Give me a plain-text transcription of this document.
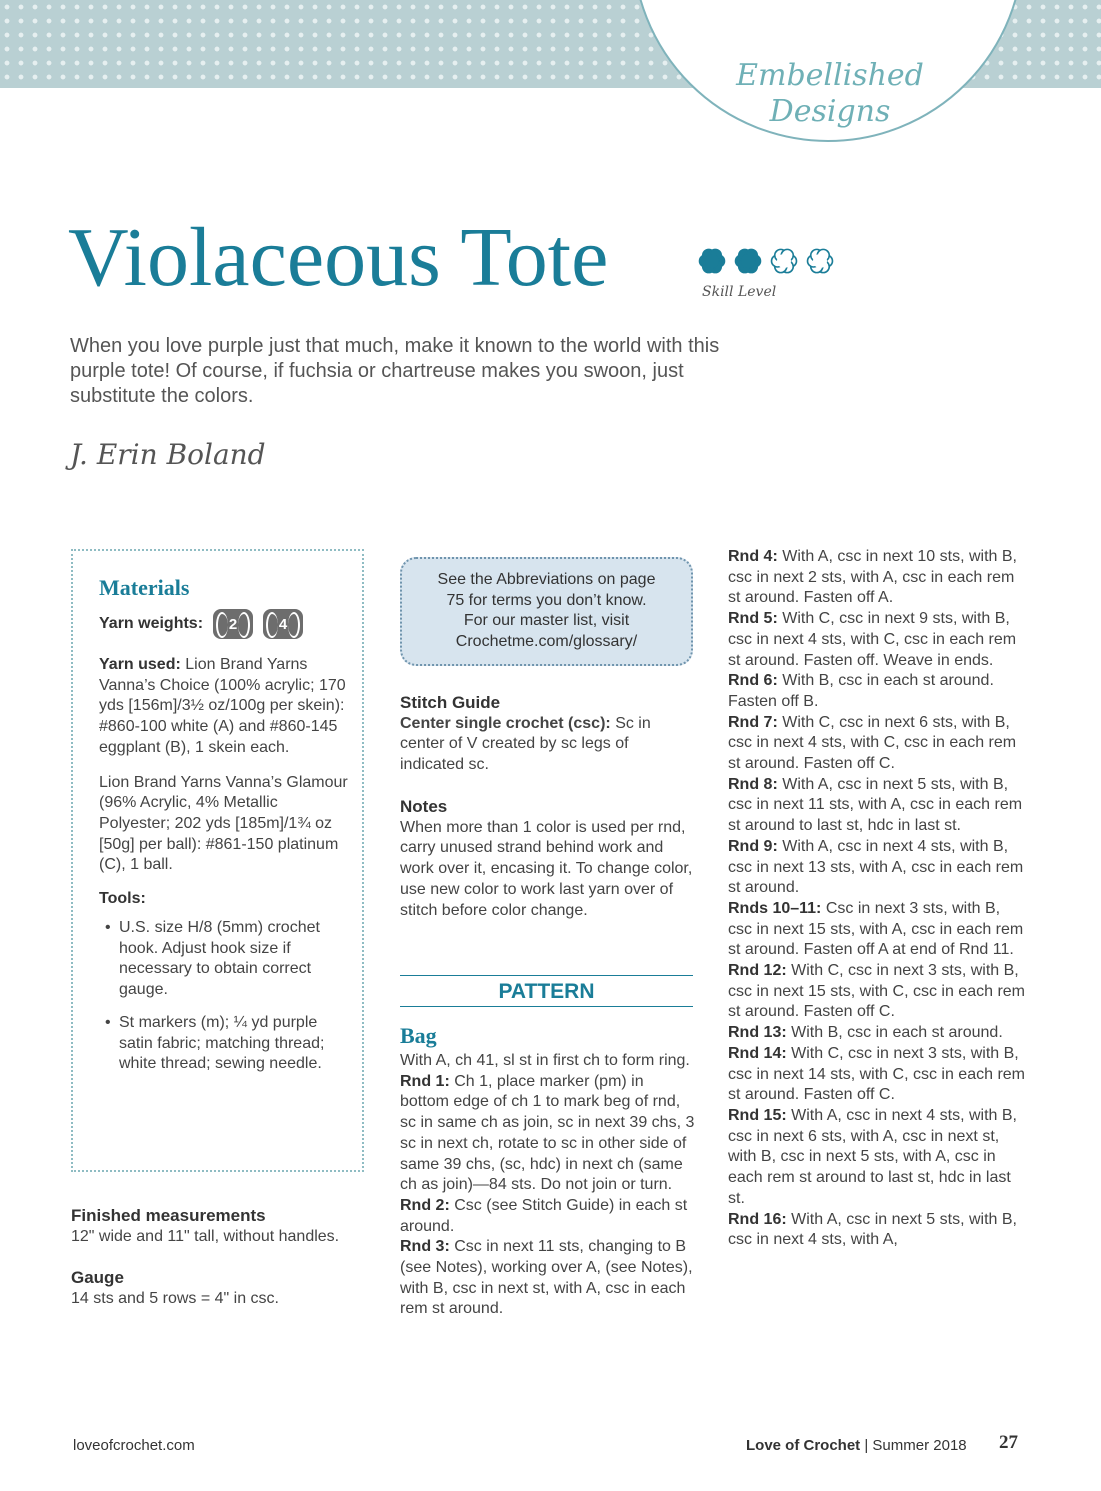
Embellished
Designs
Violaceous Tote	Skill Level

When you love purple just that much, make it known to the world with this purple tote! Of course, if fuchsia or chartreuse makes you swoon, just substitute the colors.

J. Erin Boland
Materials
Yarn weights:	2	4

Yarn used: Lion Brand Yarns Vanna’s Choice (100% acrylic; 170 yds [156m]/3½ oz/100g per skein): #860-100 white (A) and #860-145 eggplant (B), 1 skein each.

Lion Brand Yarns Vanna’s Glamour (96% Acrylic, 4% Metallic Polyester; 202 yds [185m]/1¾ oz [50g] per ball): #861-150 platinum (C), 1 ball.

Tools:
• U.S. size H/8 (5mm) crochet hook. Adjust hook size if necessary to obtain correct gauge.
• St markers (m); ¼ yd purple satin fabric; matching thread; white thread; sewing needle.
Finished measurements

12" wide and 11" tall, without handles.

Gauge

14 sts and 5 rows = 4" in csc.

See the Abbreviations on page
75 for terms you don’t know.
For our master list, visit
Crochetme.com/glossary/
Stitch Guide

Center single crochet (csc): Sc in center of V created by sc legs of indicated sc.

Notes

When more than 1 color is used per rnd, carry unused strand behind work and work over it, encasing it. To change color, use new color to work last yarn over of stitch before color change.

PATTERN
Bag

With A, ch 41, sl st in first ch to form ring.

Rnd 1: Ch 1, place marker (pm) in bottom edge of ch 1 to mark beg of rnd, sc in same ch as join, sc in next 39 chs, 3 sc in next ch, rotate to sc in other side of same 39 chs, (sc, hdc) in next ch (same ch as join)—84 sts. Do not join or turn.

Rnd 2: Csc (see Stitch Guide) in each st around.

Rnd 3: Csc in next 11 sts, changing to B (see Notes), working over A, (see Notes), with B, csc in next st, with A, csc in each rem st around.

Rnd 4: With A, csc in next 10 sts, with B, csc in next 2 sts, with A, csc in each rem st around. Fasten off A.

Rnd 5: With C, csc in next 9 sts, with B, csc in next 4 sts, with C, csc in each rem st around. Fasten off. Weave in ends.

Rnd 6: With B, csc in each st around. Fasten off B.

Rnd 7: With C, csc in next 6 sts, with B, csc in next 4 sts, with C, csc in each rem st around. Fasten off C.

Rnd 8: With A, csc in next 5 sts, with B, csc in next 11 sts, with A, csc in each rem st around to last st, hdc in last st.

Rnd 9: With A, csc in next 4 sts, with B, csc in next 13 sts, with A, csc in each rem st around.

Rnds 10–11: Csc in next 3 sts, with B, csc in next 15 sts, with A, csc in each rem st around. Fasten off A at end of Rnd 11.

Rnd 12: With C, csc in next 3 sts, with B, csc in next 15 sts, with C, csc in each rem st around. Fasten off C.

Rnd 13: With B, csc in each st around.

Rnd 14: With C, csc in next 3 sts, with B, csc in next 14 sts, with C, csc in each rem st around. Fasten off C.

Rnd 15: With A, csc in next 4 sts, with B, csc in next 6 sts, with A, csc in next st, with B, csc in next 5 sts, with A, csc in each rem st around to last st, hdc in last st.

Rnd 16: With A, csc in next 5 sts, with B, csc in next 4 sts, with A,

loveofcrochet.com	Love of Crochet | Summer 2018 27
